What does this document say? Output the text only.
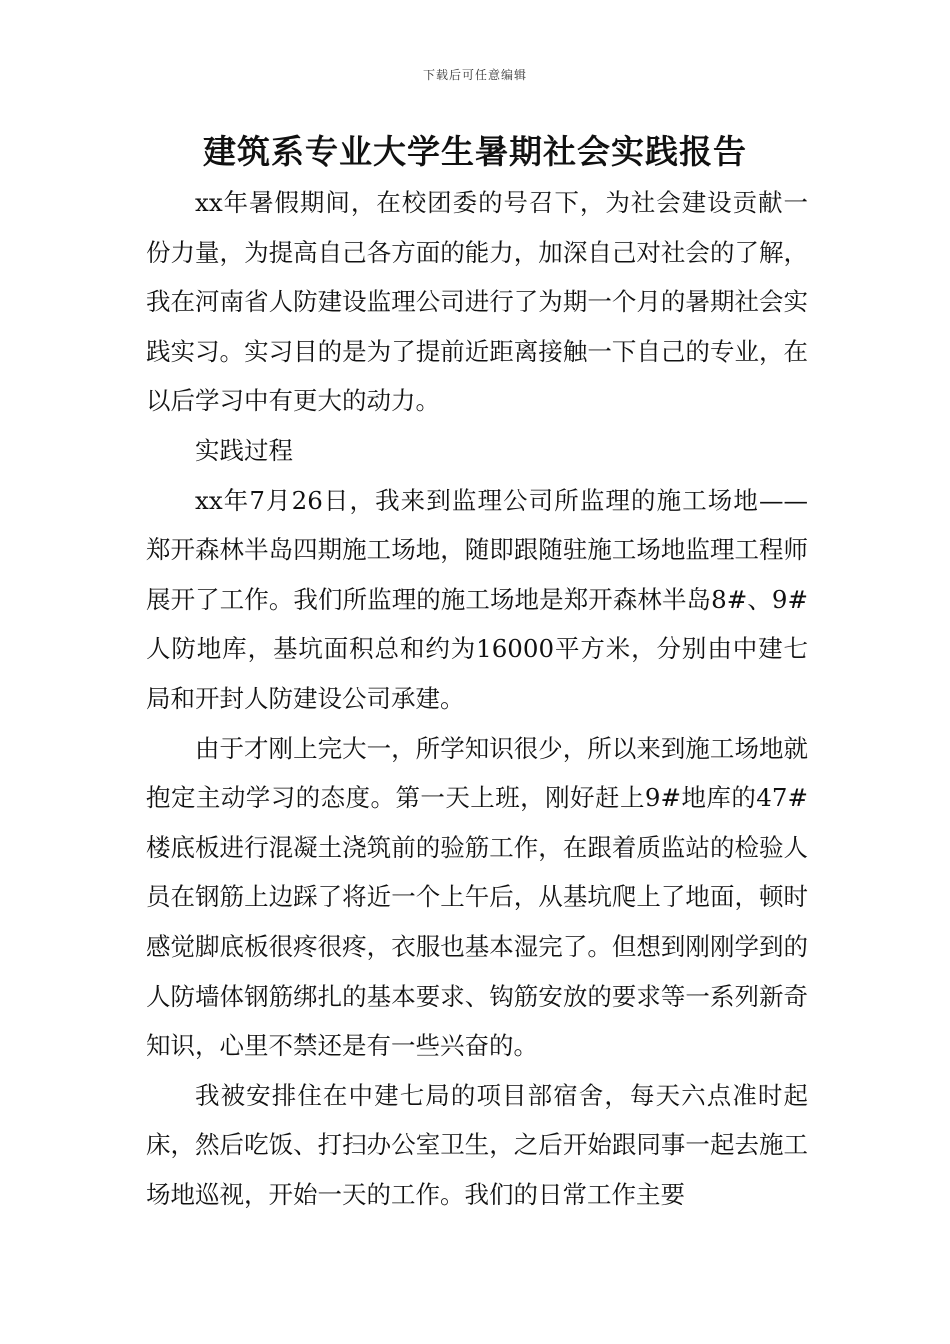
下载后可任意编辑
建筑系专业大学生暑期社会实践报告

xx年暑假期间，在校团委的号召下，为社会建设贡献一份力量，为提高自己各方面的能力，加深自己对社会的了解，我在河南省人防建设监理公司进行了为期一个月的暑期社会实践实习。实习目的是为了提前近距离接触一下自己的专业，在以后学习中有更大的动力。

实践过程

xx年7月26日，我来到监理公司所监理的施工场地——郑开森林半岛四期施工场地，随即跟随驻施工场地监理工程师展开了工作。我们所监理的施工场地是郑开森林半岛8#、9#人防地库，基坑面积总和约为16000平方米，分别由中建七局和开封人防建设公司承建。

由于才刚上完大一，所学知识很少，所以来到施工场地就抱定主动学习的态度。第一天上班，刚好赶上9#地库的47#楼底板进行混凝土浇筑前的验筋工作，在跟着质监站的检验人员在钢筋上边踩了将近一个上午后，从基坑爬上了地面，顿时感觉脚底板很疼很疼，衣服也基本湿完了。但想到刚刚学到的人防墙体钢筋绑扎的基本要求、钩筋安放的要求等一系列新奇知识，心里不禁还是有一些兴奋的。

我被安排住在中建七局的项目部宿舍，每天六点准时起床，然后吃饭、打扫办公室卫生，之后开始跟同事一起去施工场地巡视，开始一天的工作。我们的日常工作主要
